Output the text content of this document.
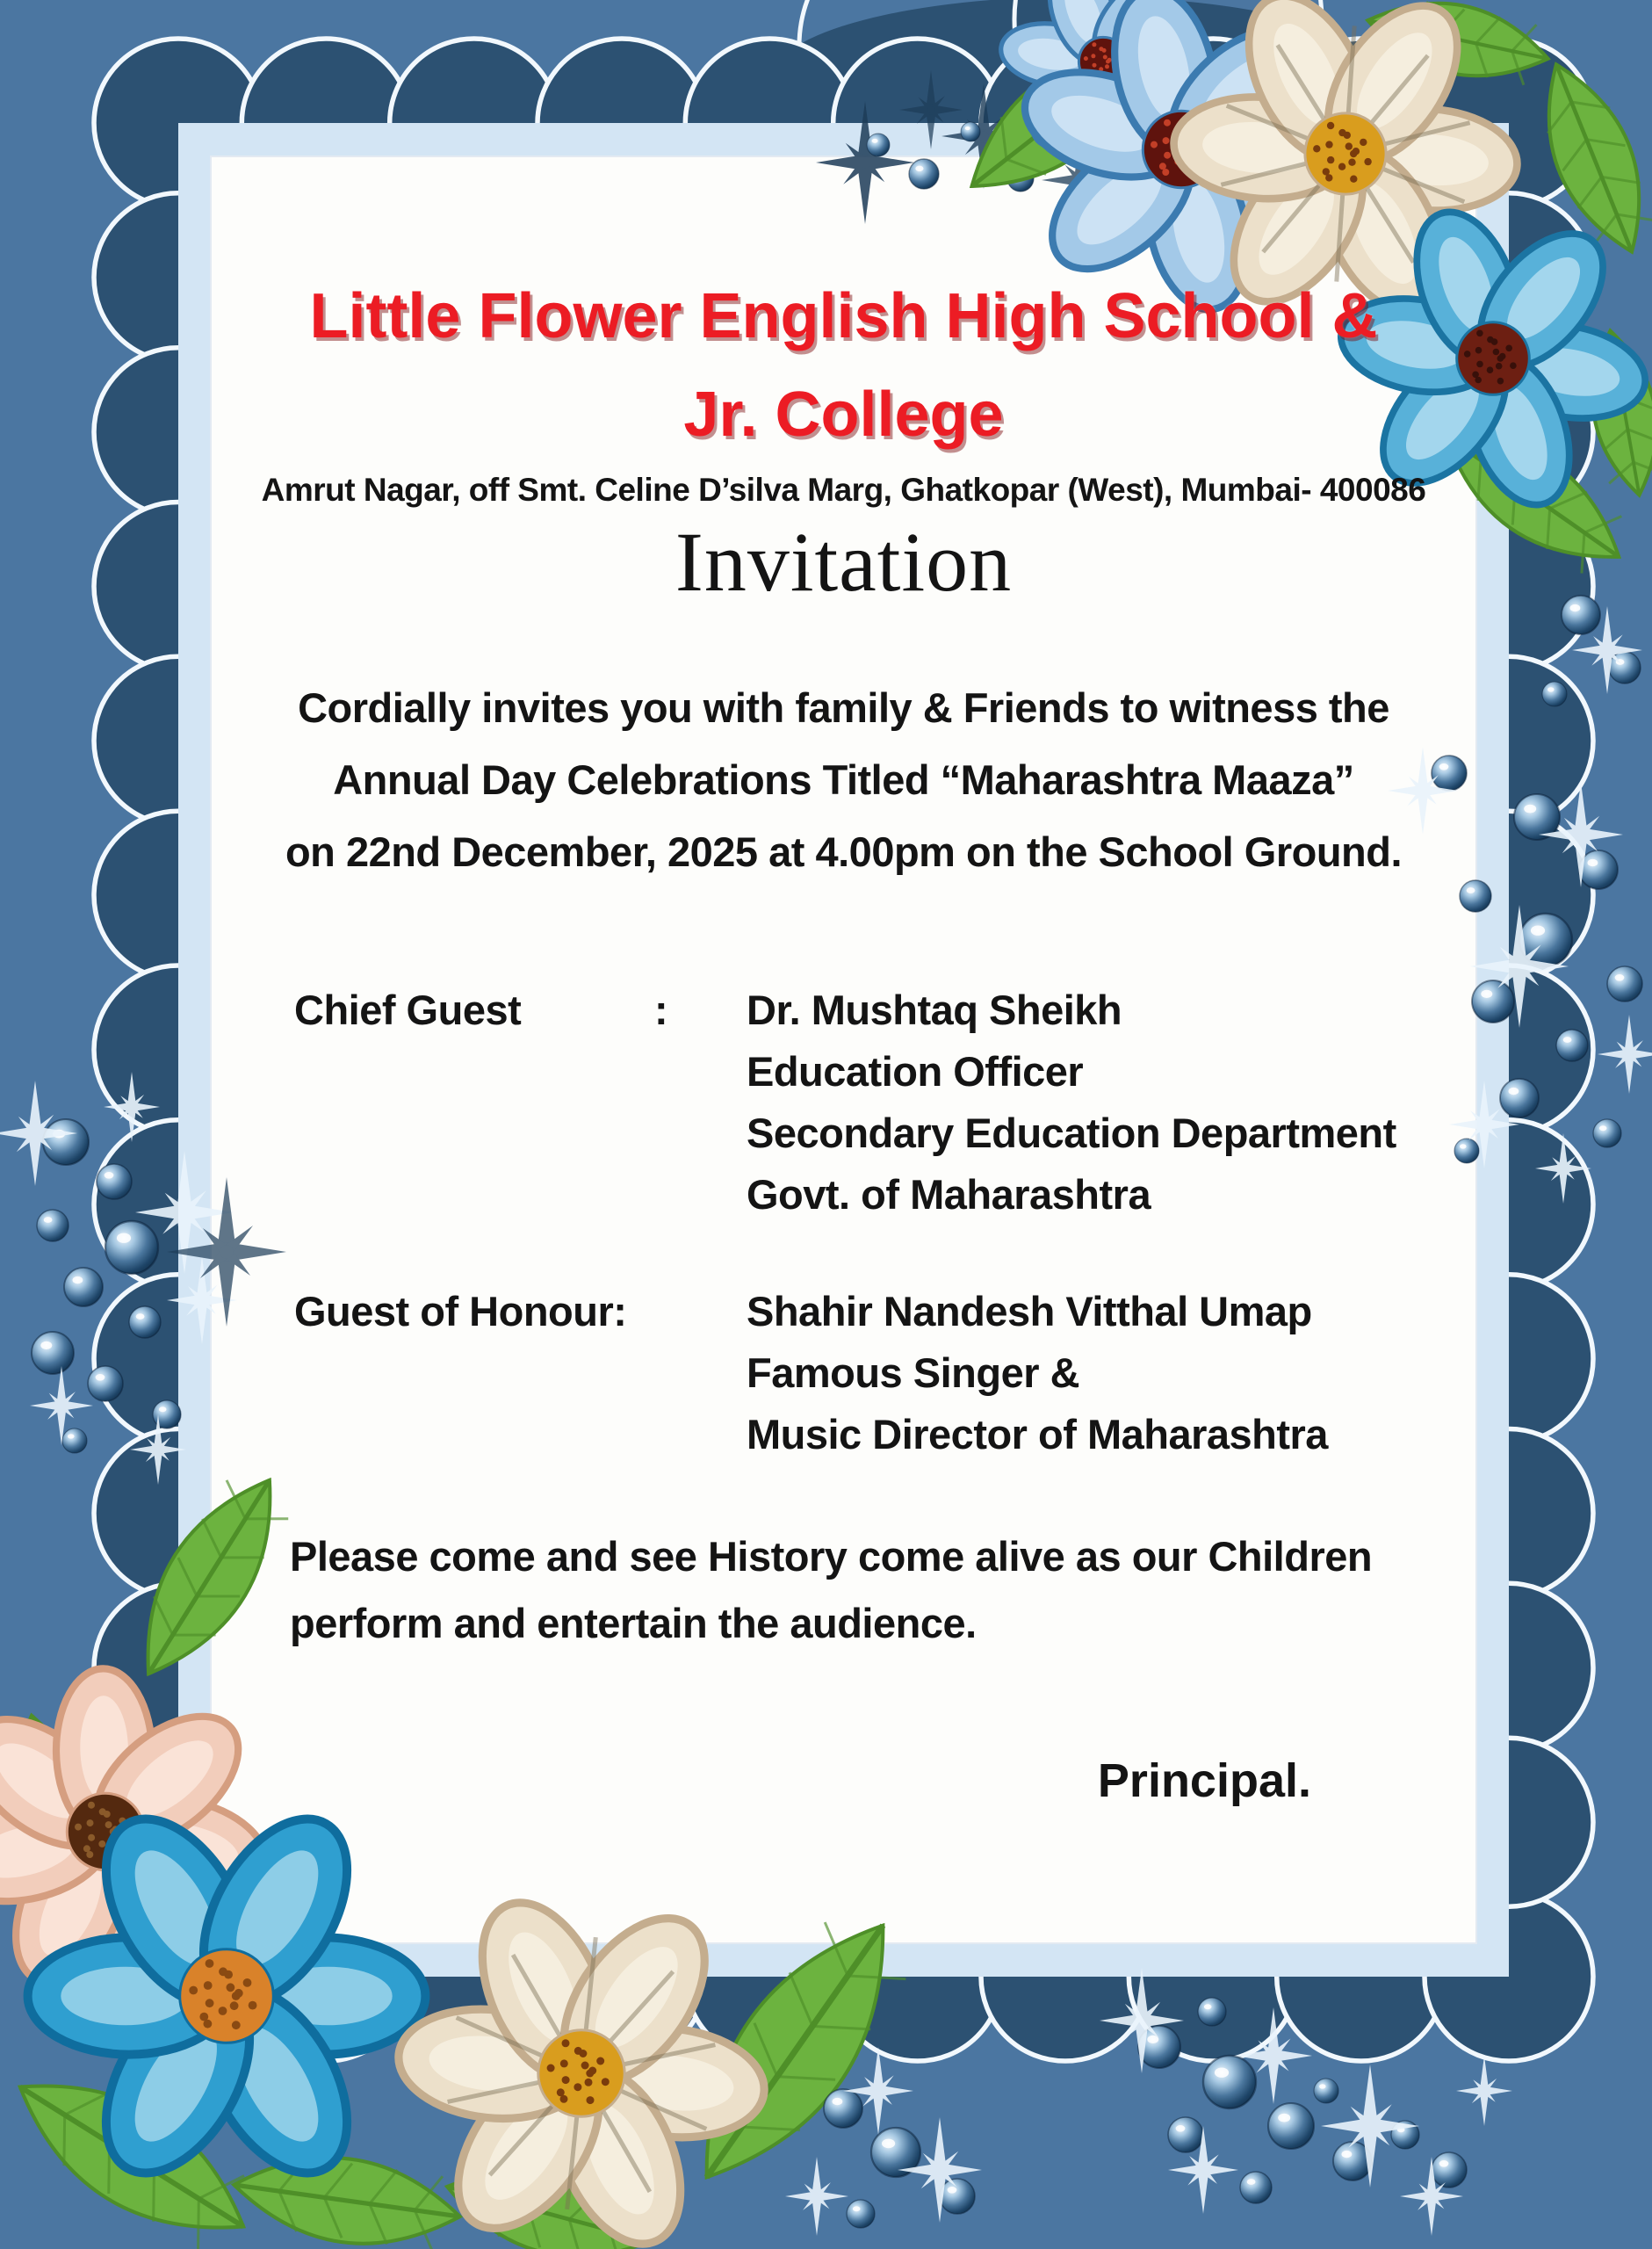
Little Flower English High School &
Jr. College
Amrut Nagar, off Smt. Celine D’silva Marg, Ghatkopar (West), Mumbai- 400086
Invitation
Cordially invites you with family & Friends to witness the
Annual Day Celebrations Titled “Maharashtra Maaza”
on 22nd December, 2025 at 4.00pm on the School Ground.
Chief Guest	: Dr. Mushtaq Sheikh
Education Officer
Secondary Education Department
Govt. of Maharashtra
Guest of Honour:	Shahir Nandesh Vitthal Umap
Famous Singer &
Music Director of Maharashtra
Please come and see History come alive as our Children
perform and entertain the audience.
Principal.
